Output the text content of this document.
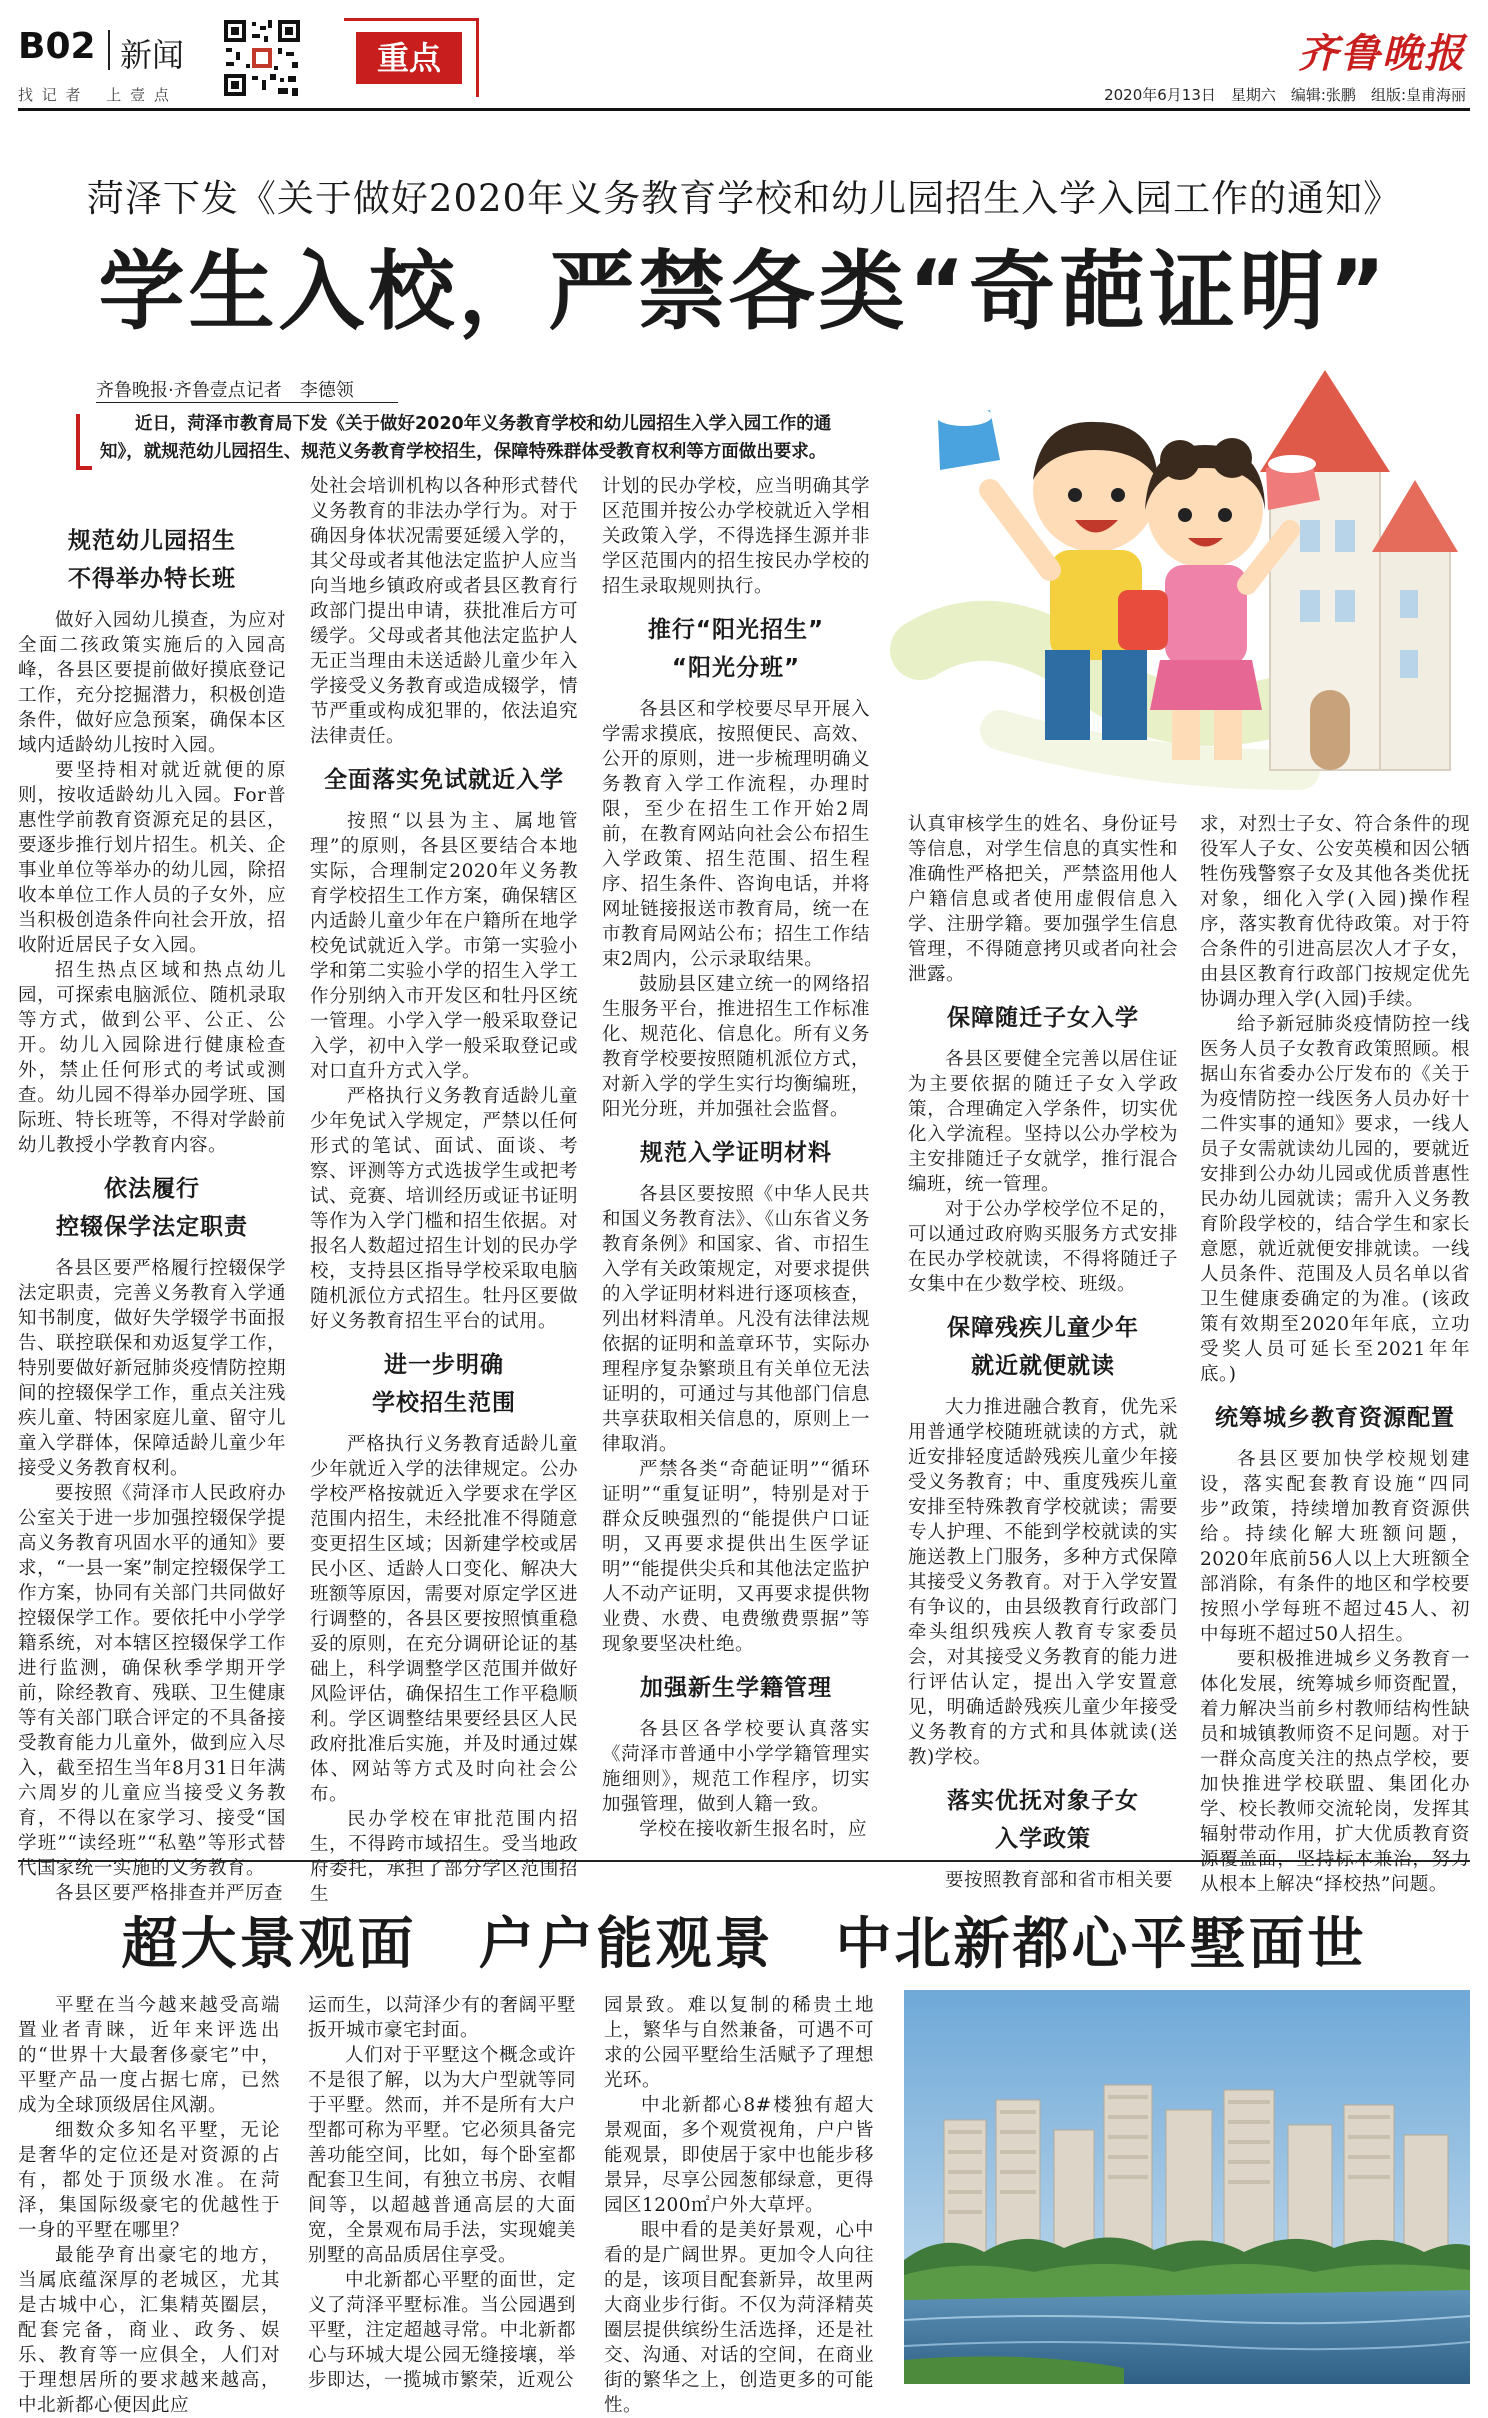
B02 新闻
找 记 者　 上 壹 点
重点	齐鲁晚报
2020年6月13日　星期六　编辑:张鹏　组版:皇甫海丽
菏泽下发《关于做好2020年义务教育学校和幼儿园招生入学入园工作的通知》
学生入校，严禁各类“奇葩证明”
齐鲁晚报·齐鲁壹点记者　李德领
近日，菏泽市教育局下发《关于做好2020年义务教育学校和幼儿园招生入学入园工作的通
知》，就规范幼儿园招生、规范义务教育学校招生，保障特殊群体受教育权利等方面做出要求。
规范幼儿园招生
不得举办特长班

做好入园幼儿摸查，为应对全面二孩政策实施后的入园高峰，各县区要提前做好摸底登记工作，充分挖掘潜力，积极创造条件，做好应急预案，确保本区域内适龄幼儿按时入园。

要坚持相对就近就便的原则，按收适龄幼儿入园。For普惠性学前教育资源充足的县区，要逐步推行划片招生。机关、企事业单位等举办的幼儿园，除招收本单位工作人员的子女外，应当积极创造条件向社会开放，招收附近居民子女入园。

招生热点区域和热点幼儿园，可探索电脑派位、随机录取等方式，做到公平、公正、公开。幼儿入园除进行健康检查外，禁止任何形式的考试或测查。幼儿园不得举办园学班、国际班、特长班等，不得对学龄前幼儿教授小学教育内容。

依法履行
控辍保学法定职责

各县区要严格履行控辍保学法定职责，完善义务教育入学通知书制度，做好失学辍学书面报告、联控联保和劝返复学工作，特别要做好新冠肺炎疫情防控期间的控辍保学工作，重点关注残疾儿童、特困家庭儿童、留守儿童入学群体，保障适龄儿童少年接受义务教育权利。

要按照《菏泽市人民政府办公室关于进一步加强控辍保学提高义务教育巩固水平的通知》要求，“一县一案”制定控辍保学工作方案，协同有关部门共同做好控辍保学工作。要依托中小学学籍系统，对本辖区控辍保学工作进行监测，确保秋季学期开学前，除经教育、残联、卫生健康等有关部门联合评定的不具备接受教育能力儿童外，做到应入尽入，截至招生当年8月31日年满六周岁的儿童应当接受义务教育，不得以在家学习、接受“国学班”“读经班”“私塾”等形式替代国家统一实施的义务教育。

各县区要严格排查并严厉查

处社会培训机构以各种形式替代义务教育的非法办学行为。对于确因身体状况需要延缓入学的，其父母或者其他法定监护人应当向当地乡镇政府或者县区教育行政部门提出申请，获批准后方可缓学。父母或者其他法定监护人无正当理由未送适龄儿童少年入学接受义务教育或造成辍学，情节严重或构成犯罪的，依法追究法律责任。

全面落实免试就近入学

按照“以县为主、属地管理”的原则，各县区要结合本地实际，合理制定2020年义务教育学校招生工作方案，确保辖区内适龄儿童少年在户籍所在地学校免试就近入学。市第一实验小学和第二实验小学的招生入学工作分别纳入市开发区和牡丹区统一管理。小学入学一般采取登记入学，初中入学一般采取登记或对口直升方式入学。

严格执行义务教育适龄儿童少年免试入学规定，严禁以任何形式的笔试、面试、面谈、考察、评测等方式选拔学生或把考试、竞赛、培训经历或证书证明等作为入学门槛和招生依据。对报名人数超过招生计划的民办学校，支持县区指导学校采取电脑随机派位方式招生。牡丹区要做好义务教育招生平台的试用。

进一步明确
学校招生范围

严格执行义务教育适龄儿童少年就近入学的法律规定。公办学校严格按就近入学要求在学区范围内招生，未经批准不得随意变更招生区域；因新建学校或居民小区、适龄人口变化、解决大班额等原因，需要对原定学区进行调整的，各县区要按照慎重稳妥的原则，在充分调研论证的基础上，科学调整学区范围并做好风险评估，确保招生工作平稳顺利。学区调整结果要经县区人民政府批准后实施，并及时通过媒体、网站等方式及时向社会公布。

民办学校在审批范围内招生，不得跨市域招生。受当地政府委托，承担了部分学区范围招生

计划的民办学校，应当明确其学区范围并按公办学校就近入学相关政策入学，不得选择生源并非学区范围内的招生按民办学校的招生录取规则执行。

推行“阳光招生”
“阳光分班”

各县区和学校要尽早开展入学需求摸底，按照便民、高效、公开的原则，进一步梳理明确义务教育入学工作流程，办理时限，至少在招生工作开始2周前，在教育网站向社会公布招生入学政策、招生范围、招生程序、招生条件、咨询电话，并将网址链接报送市教育局，统一在市教育局网站公布；招生工作结束2周内，公示录取结果。

鼓励县区建立统一的网络招生服务平台，推进招生工作标准化、规范化、信息化。所有义务教育学校要按照随机派位方式，对新入学的学生实行均衡编班，阳光分班，并加强社会监督。

规范入学证明材料

各县区要按照《中华人民共和国义务教育法》、《山东省义务教育条例》和国家、省、市招生入学有关政策规定，对要求提供的入学证明材料进行逐项核查，列出材料清单。凡没有法律法规依据的证明和盖章环节，实际办理程序复杂繁琐且有关单位无法证明的，可通过与其他部门信息共享获取相关信息的，原则上一律取消。

严禁各类“奇葩证明”“循环证明”“重复证明”，特别是对于群众反映强烈的“能提供户口证明，又再要求提供出生医学证明”“能提供尖兵和其他法定监护人不动产证明，又再要求提供物业费、水费、电费缴费票据”等现象要坚决杜绝。

加强新生学籍管理

各县区各学校要认真落实《菏泽市普通中小学学籍管理实施细则》，规范工作程序，切实加强管理，做到人籍一致。

学校在接收新生报名时，应

认真审核学生的姓名、身份证号等信息，对学生信息的真实性和准确性严格把关，严禁盗用他人户籍信息或者使用虚假信息入学、注册学籍。要加强学生信息管理，不得随意拷贝或者向社会泄露。

保障随迁子女入学

各县区要健全完善以居住证为主要依据的随迁子女入学政策，合理确定入学条件，切实优化入学流程。坚持以公办学校为主安排随迁子女就学，推行混合编班，统一管理。

对于公办学校学位不足的，可以通过政府购买服务方式安排在民办学校就读，不得将随迁子女集中在少数学校、班级。

保障残疾儿童少年
就近就便就读

大力推进融合教育，优先采用普通学校随班就读的方式，就近安排轻度适龄残疾儿童少年接受义务教育；中、重度残疾儿童安排至特殊教育学校就读；需要专人护理、不能到学校就读的实施送教上门服务，多种方式保障其接受义务教育。对于入学安置有争议的，由县级教育行政部门牵头组织残疾人教育专家委员会，对其接受义务教育的能力进行评估认定，提出入学安置意见，明确适龄残疾儿童少年接受义务教育的方式和具体就读(送教)学校。

落实优抚对象子女
入学政策

要按照教育部和省市相关要

求，对烈士子女、符合条件的现役军人子女、公安英模和因公牺牲伤残警察子女及其他各类优抚对象，细化入学(入园)操作程序，落实教育优待政策。对于符合条件的引进高层次人才子女，由县区教育行政部门按规定优先协调办理入学(入园)手续。

给予新冠肺炎疫情防控一线医务人员子女教育政策照顾。根据山东省委办公厅发布的《关于为疫情防控一线医务人员办好十二件实事的通知》要求，一线人员子女需就读幼儿园的，要就近安排到公办幼儿园或优质普惠性民办幼儿园就读；需升入义务教育阶段学校的，结合学生和家长意愿，就近就便安排就读。一线人员条件、范围及人员名单以省卫生健康委确定的为准。(该政策有效期至2020年年底，立功受奖人员可延长至2021年年底。)

统筹城乡教育资源配置

各县区要加快学校规划建设，落实配套教育设施“四同步”政策，持续增加教育资源供给。持续化解大班额问题，2020年底前56人以上大班额全部消除，有条件的地区和学校要按照小学每班不超过45人、初中每班不超过50人招生。

要积极推进城乡义务教育一体化发展，统筹城乡师资配置，着力解决当前乡村教师结构性缺员和城镇教师资不足问题。对于一群众高度关注的热点学校，要加快推进学校联盟、集团化办学、校长教师交流轮岗，发挥其辐射带动作用，扩大优质教育资源覆盖面，坚持标本兼治，努力从根本上解决“择校热”问题。

超大景观面 户户能观景 中北新都心平墅面世

平墅在当今越来越受高端置业者青睐，近年来评选出的“世界十大最奢侈豪宅”中，平墅产品一度占据七席，已然成为全球顶级居住风潮。

细数众多知名平墅，无论是奢华的定位还是对资源的占有，都处于顶级水准。在菏泽，集国际级豪宅的优越性于一身的平墅在哪里？

最能孕育出豪宅的地方，当属底蕴深厚的老城区，尤其是古城中心，汇集精英圈层，配套完备，商业、政务、娱乐、教育等一应俱全，人们对于理想居所的要求越来越高，中北新都心便因此应

运而生，以菏泽少有的奢阔平墅扳开城市豪宅封面。

人们对于平墅这个概念或许不是很了解，以为大户型就等同于平墅。然而，并不是所有大户型都可称为平墅。它必须具备完善功能空间，比如，每个卧室都配套卫生间，有独立书房、衣帽间等，以超越普通高层的大面宽，全景观布局手法，实现媲美别墅的高品质居住享受。

中北新都心平墅的面世，定义了菏泽平墅标准。当公园遇到平墅，注定超越寻常。中北新都心与环城大堤公园无缝接壤，举步即达，一揽城市繁荣，近观公

园景致。难以复制的稀贵土地上，繁华与自然兼备，可遇不可求的公园平墅给生活赋予了理想光环。

中北新都心8#楼独有超大景观面，多个观赏视角，户户皆能观景，即使居于家中也能步移景异，尽享公园葱郁绿意，更得园区1200㎡户外大草坪。

眼中看的是美好景观，心中看的是广阔世界。更加令人向往的是，该项目配套新异，故里两大商业步行街。不仅为菏泽精英圈层提供缤纷生活选择，还是社交、沟通、对话的空间，在商业街的繁华之上，创造更多的可能性。
